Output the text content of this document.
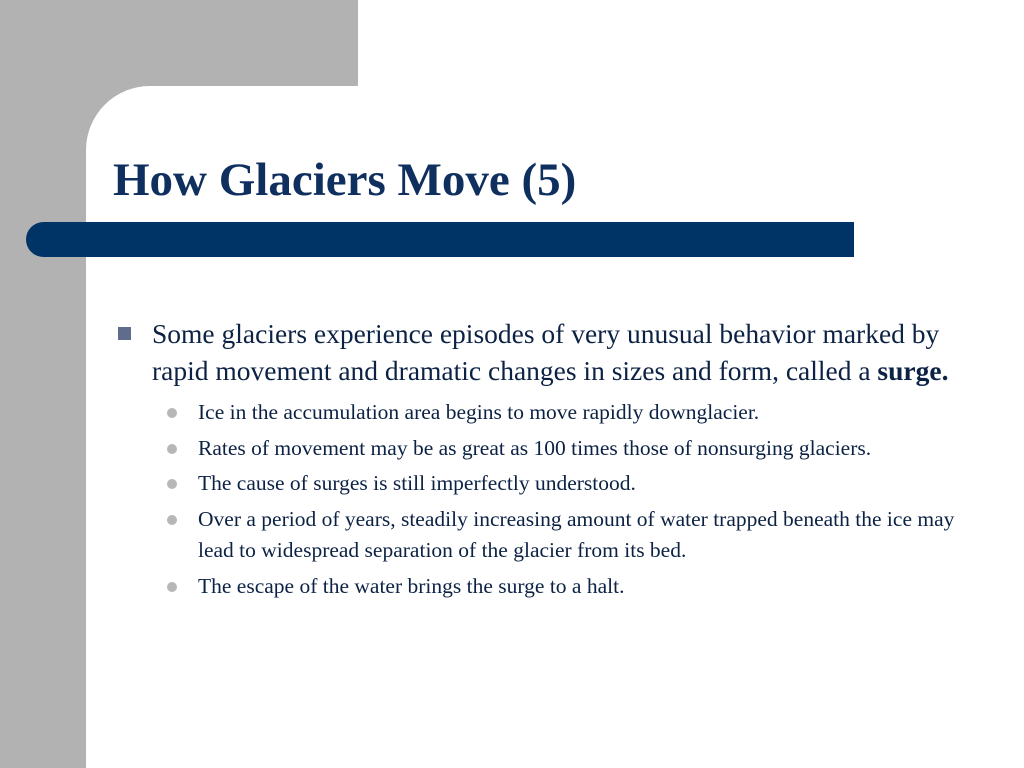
How Glaciers Move (5)
Some glaciers experience episodes of very unusual behavior marked by rapid movement and dramatic changes in sizes and form, called a surge.
Ice in the accumulation area begins to move rapidly downglacier.
Rates of movement may be as great as 100 times those of nonsurging glaciers.
The cause of surges is still imperfectly understood.
Over a period of years, steadily increasing amount of water trapped beneath the ice may lead to widespread separation of the glacier from its bed.
The escape of the water brings the surge to a halt.
